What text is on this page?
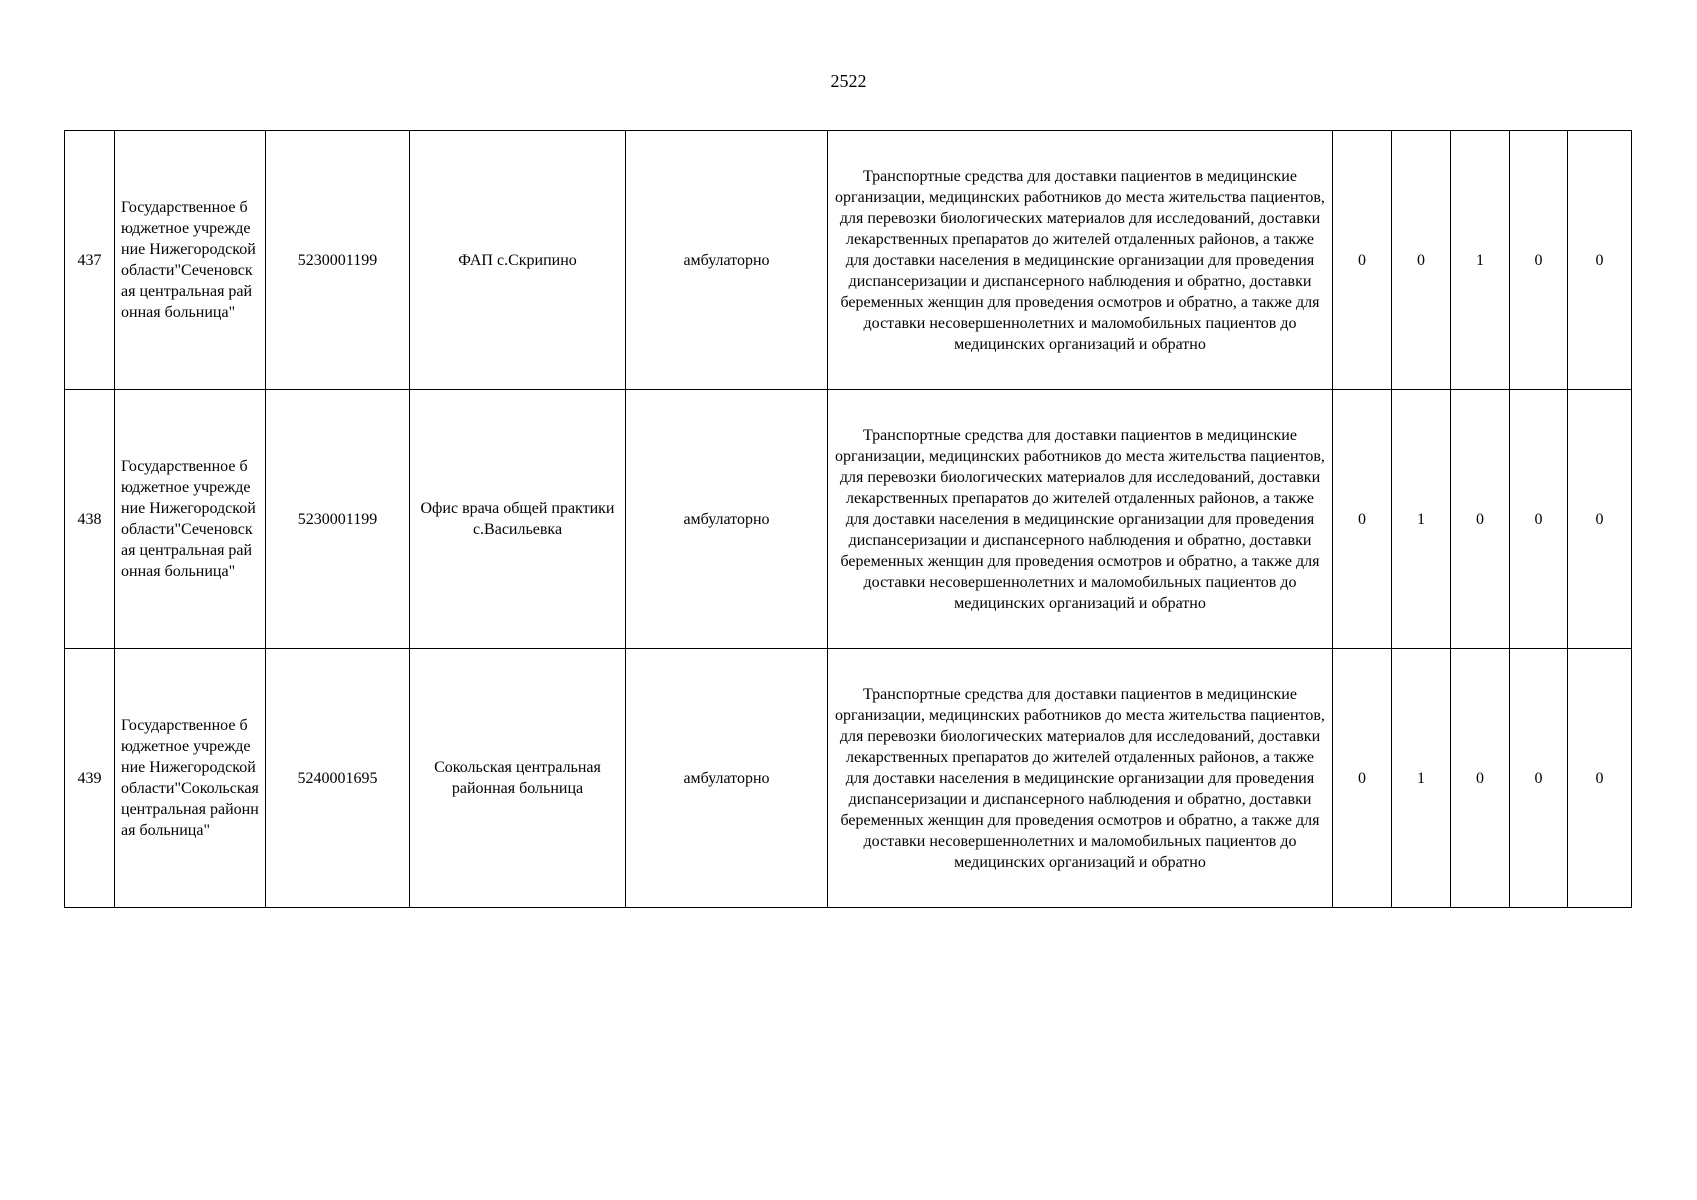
2522
437	Государственное бюджетное учреждение Нижегородской области"Сеченовская центральная районная больница"	5230001199	ФАП с.Скрипино	амбулаторно	Транспортные средства для доставки пациентов в медицинские организации, медицинских работников до места жительства пациентов, для перевозки биологических материалов для исследований, доставки лекарственных препаратов до жителей отдаленных районов, а также для доставки населения в медицинские организации для проведения диспансеризации и диспансерного наблюдения и обратно, доставки беременных женщин для проведения осмотров и обратно, а также для доставки несовершеннолетних и маломобильных пациентов до медицинских организаций и обратно	0	0	1	0	0
438	Государственное бюджетное учреждение Нижегородской области"Сеченовская центральная районная больница"	5230001199	Офис врача общей практики с.Васильевка	амбулаторно	Транспортные средства для доставки пациентов в медицинские организации, медицинских работников до места жительства пациентов, для перевозки биологических материалов для исследований, доставки лекарственных препаратов до жителей отдаленных районов, а также для доставки населения в медицинские организации для проведения диспансеризации и диспансерного наблюдения и обратно, доставки беременных женщин для проведения осмотров и обратно, а также для доставки несовершеннолетних и маломобильных пациентов до медицинских организаций и обратно	0	1	0	0	0
439	Государственное бюджетное учреждение Нижегородской области"Сокольская центральная районная больница"	5240001695	Сокольская центральная районная больница	амбулаторно	Транспортные средства для доставки пациентов в медицинские организации, медицинских работников до места жительства пациентов, для перевозки биологических материалов для исследований, доставки лекарственных препаратов до жителей отдаленных районов, а также для доставки населения в медицинские организации для проведения диспансеризации и диспансерного наблюдения и обратно, доставки беременных женщин для проведения осмотров и обратно, а также для доставки несовершеннолетних и маломобильных пациентов до медицинских организаций и обратно	0	1	0	0	0
